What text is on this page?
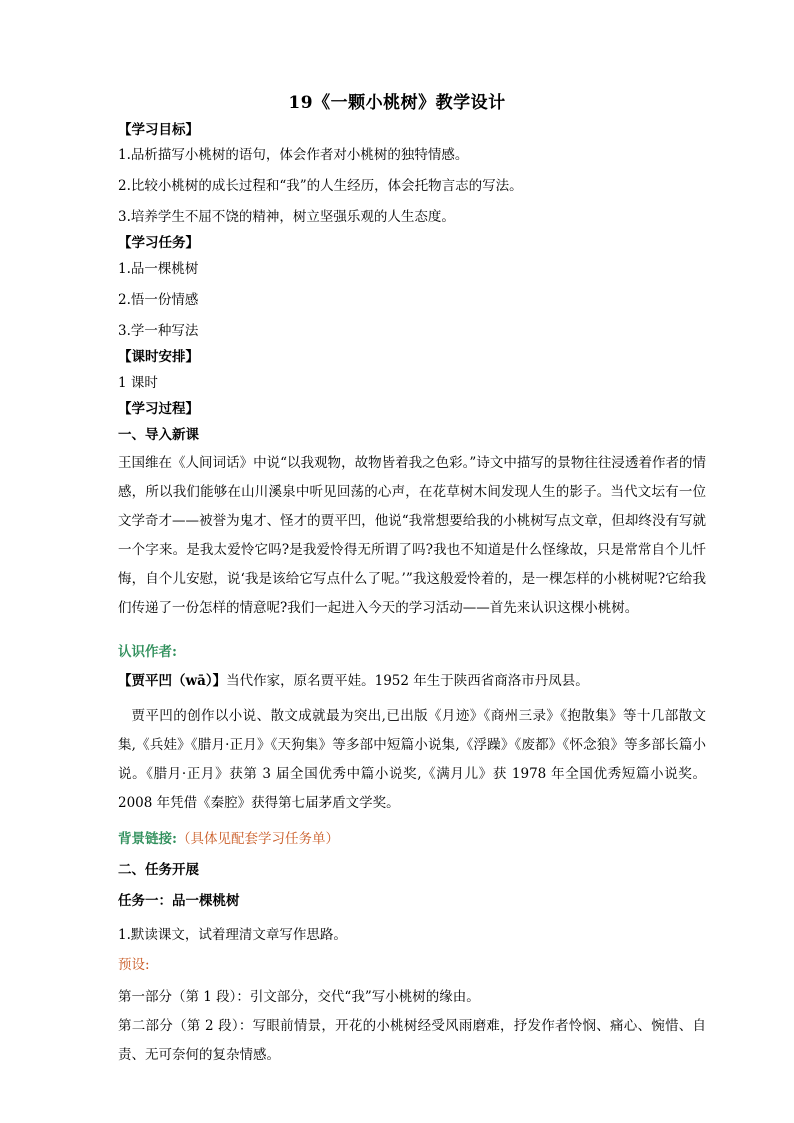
19《一颗小桃树》教学设计
【学习目标】
1.品析描写小桃树的语句，体会作者对小桃树的独特情感。
2.比较小桃树的成长过程和“我”的人生经历，体会托物言志的写法。
3.培养学生不屈不饶的精神，树立坚强乐观的人生态度。
【学习任务】
1.品一棵桃树
2.悟一份情感
3.学一种写法
【课时安排】
1 课时
【学习过程】
一、导入新课
王国维在《人间词话》中说“以我观物，故物皆着我之色彩。”诗文中描写的景物往往浸透着作者的情感，所以我们能够在山川溪泉中听见回荡的心声，在花草树木间发现人生的影子。当代文坛有一位文学奇才——被誉为鬼才、怪才的贾平凹，他说“我常想要给我的小桃树写点文章，但却终没有写就一个字来。是我太爱怜它吗?是我爱怜得无所谓了吗?我也不知道是什么怪缘故，只是常常自个儿忏悔，自个儿安慰，说‘我是该给它写点什么了呢。’”我这般爱怜着的，是一棵怎样的小桃树呢?它给我们传递了一份怎样的情意呢?我们一起进入今天的学习活动——首先来认识这棵小桃树。
认识作者:
【贾平凹（wā）】当代作家，原名贾平娃。1952 年生于陕西省商洛市丹凤县。
贾平凹的创作以小说、散文成就最为突出,已出版《月迹》《商州三录》《抱散集》等十几部散文集,《兵娃》《腊月·正月》《天狗集》等多部中短篇小说集,《浮躁》《废都》《怀念狼》等多部长篇小说。《腊月·正月》获第 3 届全国优秀中篇小说奖,《满月儿》获 1978 年全国优秀短篇小说奖。2008 年凭借《秦腔》获得第七届茅盾文学奖。
背景链接:（具体见配套学习任务单）
二、任务开展
任务一：品一棵桃树
1.默读课文，试着理清文章写作思路。
预设:
第一部分（第 1 段）：引文部分，交代“我”写小桃树的缘由。
第二部分（第 2 段）：写眼前情景，开花的小桃树经受风雨磨难，抒发作者怜悯、痛心、惋惜、自责、无可奈何的复杂情感。
